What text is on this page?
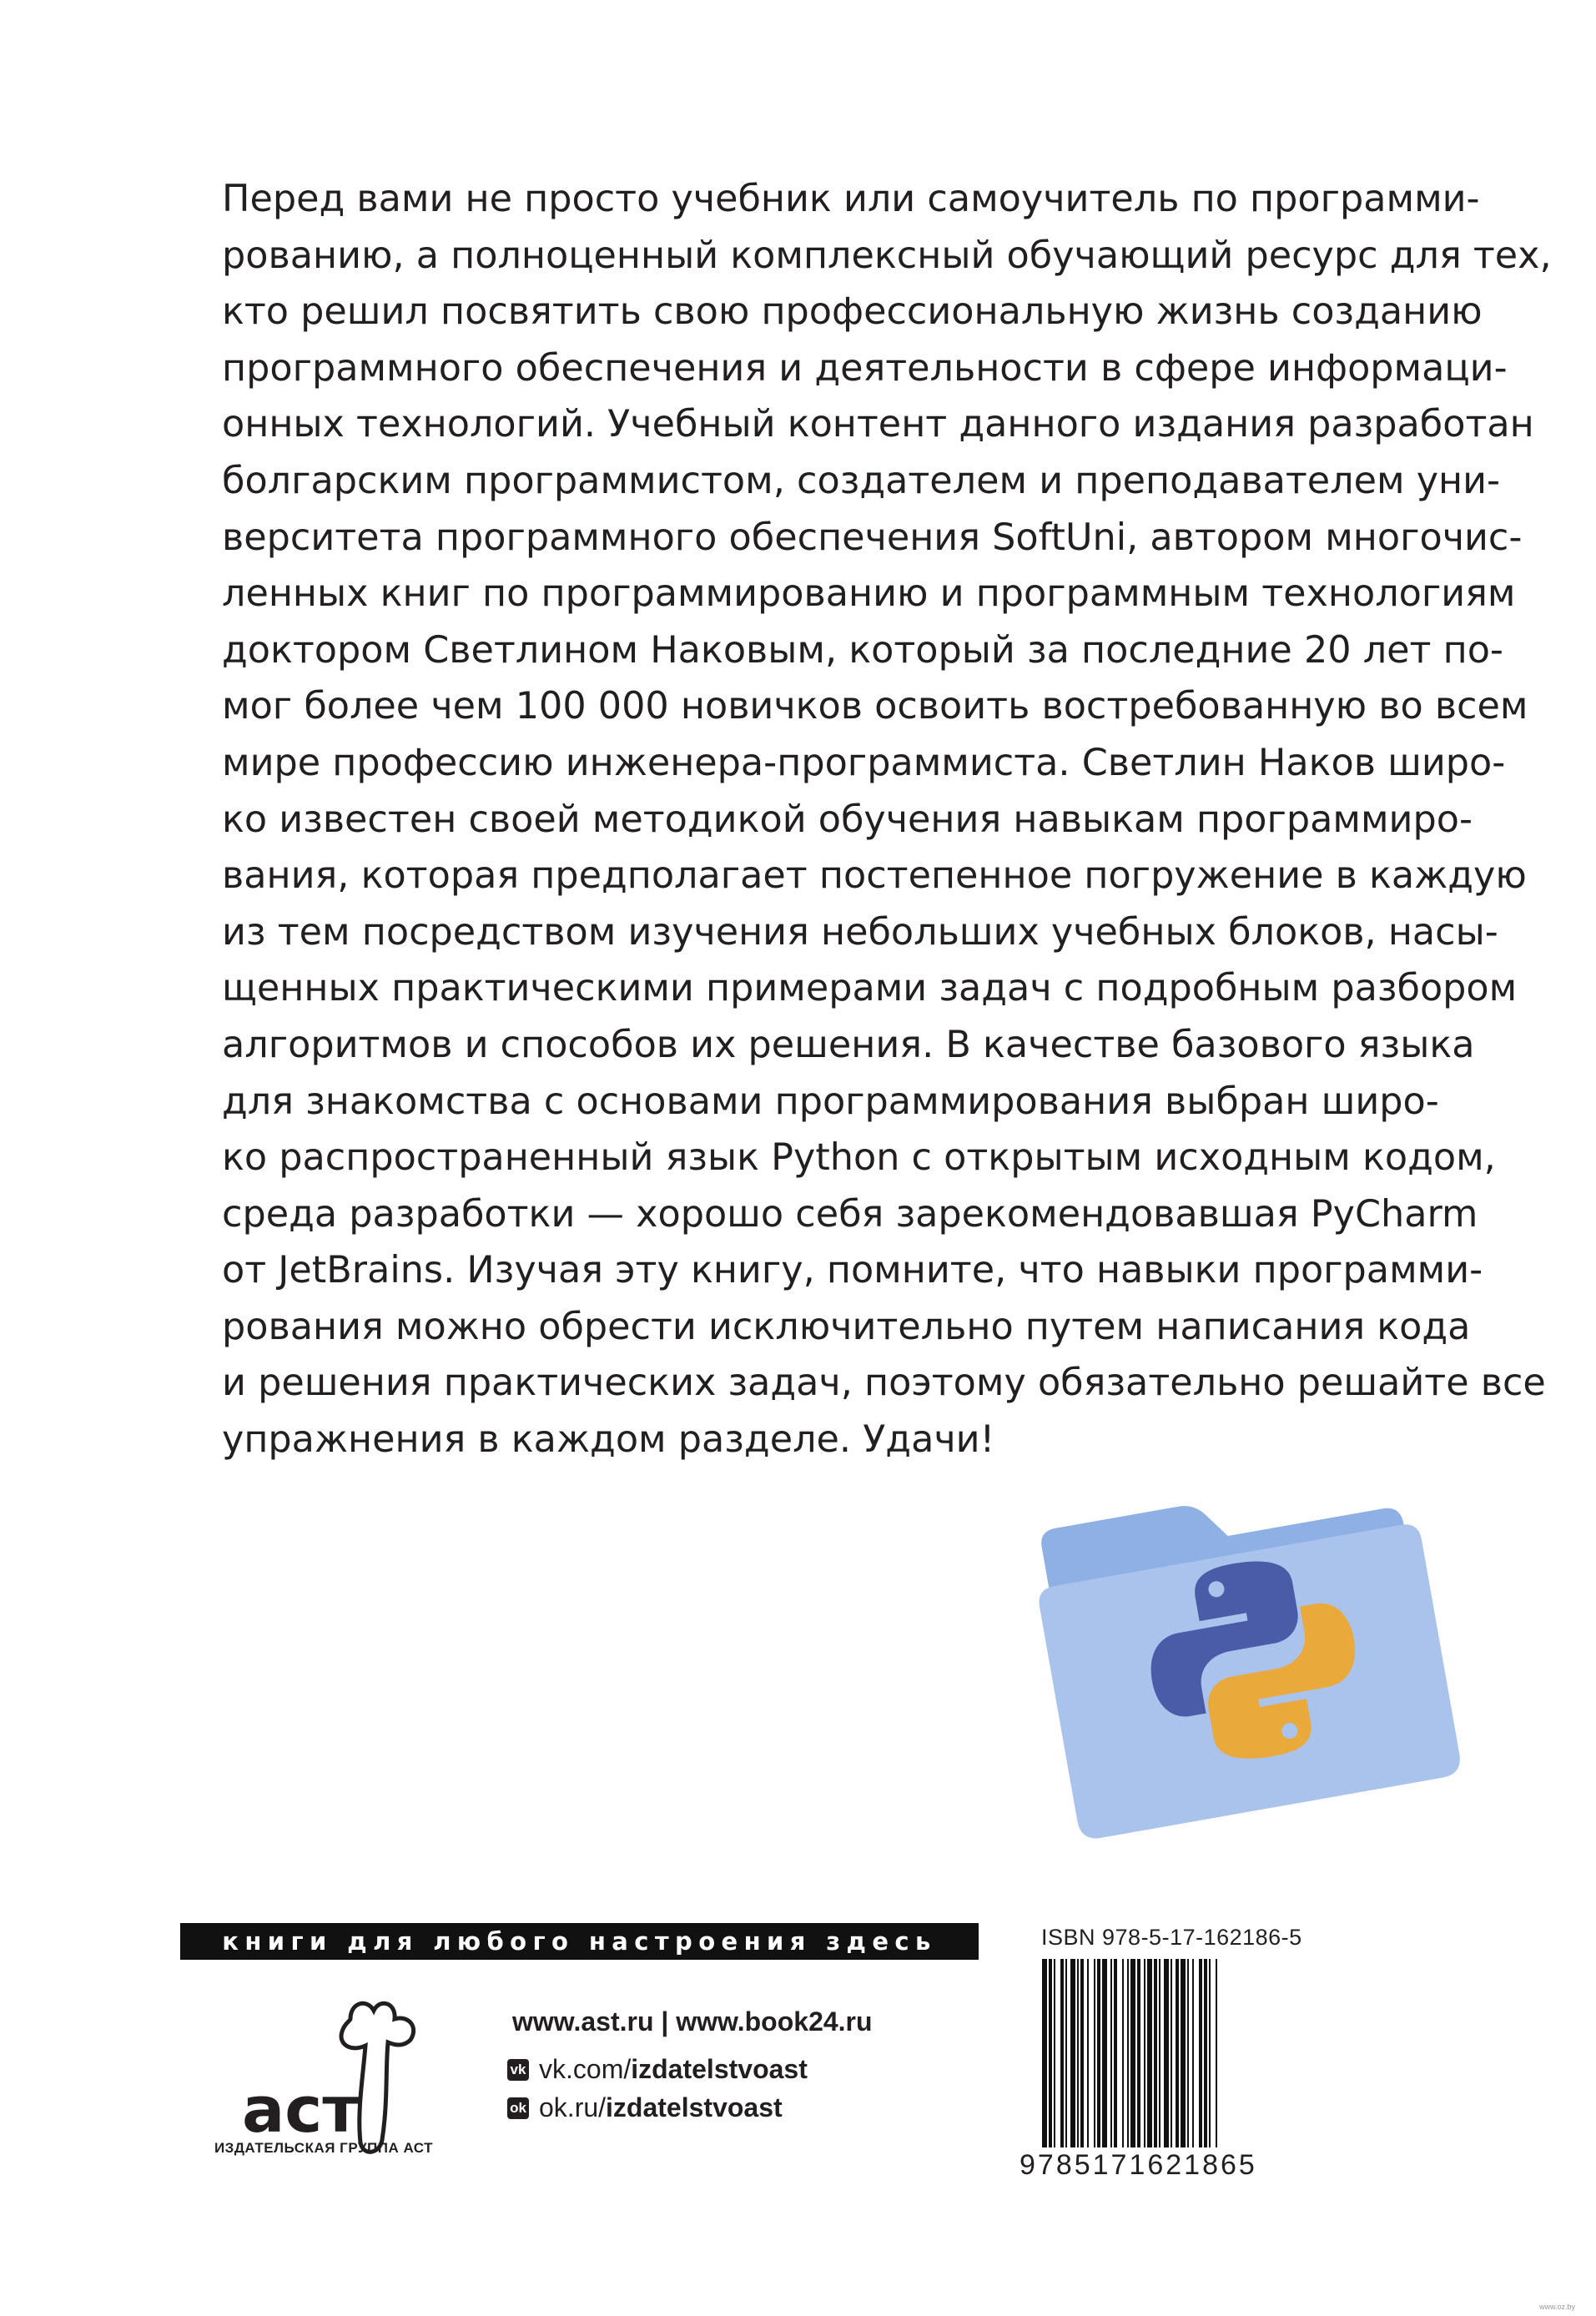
Перед вами не просто учебник или самоучитель по программи-
рованию, а полноценный комплексный обучающий ресурс для тех,
кто решил посвятить свою профессиональную жизнь созданию
программного обеспечения и деятельности в сфере информаци-
онных технологий. Учебный контент данного издания разработан
болгарским программистом, создателем и преподавателем уни-
верситета программного обеспечения SoftUni, автором многочис-
ленных книг по программированию и программным технологиям
доктором Светлином Наковым, который за последние 20 лет по-
мог более чем 100 000 новичков освоить востребованную во всем
мире профессию инженера-программиста. Светлин Наков широ-
ко известен своей методикой обучения навыкам программиро-
вания, которая предполагает постепенное погружение в каждую
из тем посредством изучения небольших учебных блоков, насы-
щенных практическими примерами задач с подробным разбором
алгоритмов и способов их решения. В качестве базового языка
для знакомства с основами программирования выбран широ-
ко распространенный язык Python с открытым исходным кодом,
среда разработки — хорошо себя зарекомендовавшая PyCharm
от JetBrains. Изучая эту книгу, помните, что навыки программи-
рования можно обрести исключительно путем написания кода
и решения практических задач, поэтому обязательно решайте все
упражнения в каждом разделе. Удачи!
книги для любого настроения здесь
аст
ИЗДАТЕЛЬСКАЯ ГРУППА АСТ
www.ast.ru | www.book24.ru
vk vk.com/ izdatelstvoast
ok ok.ru/ izdatelstvoast
ISBN 978-5-17-162186-5
9785171621865
www.oz.by
